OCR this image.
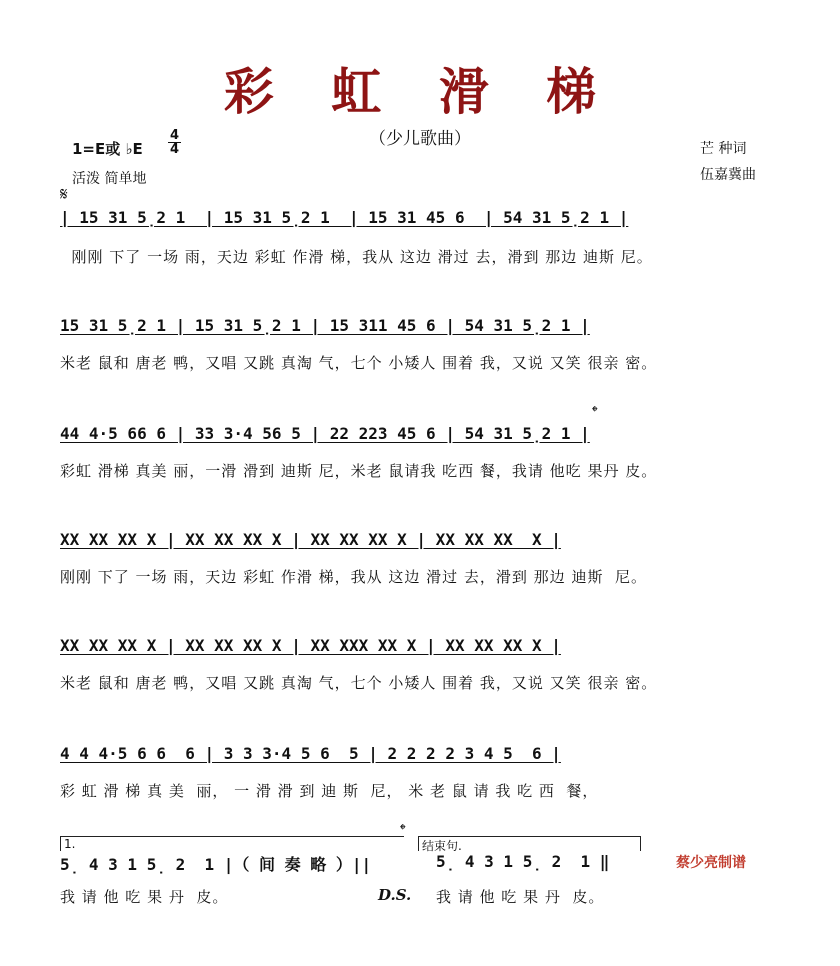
彩 虹 滑 梯
（少儿歌曲）
1=E或 ♭E $\frac{4}{4}$
活泼 简单地
芒 种词
伍嘉冀曲
𝄋
| 15 31 5̣2 1  | 15 31 5̣2 1  | 15 31 45 6  | 54 31 5̣2 1 |
刚刚 下了 一场 雨，天边 彩虹 作滑 梯，我从 这边 滑过 去，滑到 那边 迪斯 尼。
15 31 5̣2 1 | 15 31 5̣2 1 | 15 311 45 6 | 54 31 5̣2 1 |
米老 鼠和 唐老 鸭，又唱 又跳 真淘 气，七个 小矮人 围着 我，又说 又笑 很亲 密。
𝄌
44 4·5 66 6 | 33 3·4 56 5 | 22 223 45 6 | 54 31 5̣2 1 |
彩虹 滑梯 真美 丽，一滑 滑到 迪斯 尼，米老 鼠请我 吃西 餐，我请 他吃 果丹 皮。
XX XX XX X | XX XX XX X | XX XX XX X | XX XX XX  X |
刚刚 下了 一场 雨，天边 彩虹 作滑 梯，我从 这边 滑过 去，滑到 那边 迪斯  尼。
XX XX XX X | XX XX XX X | XX XXX XX X | XX XX XX X |
米老 鼠和 唐老 鸭，又唱 又跳 真淘 气，七个 小矮人 围着 我，又说 又笑 很亲 密。
4 4 4·5 6 6  6 | 3 3 3·4 5 6  5 | 2 2 2 2 3 4 5  6 |
彩 虹 滑 梯 真 美  丽， 一 滑 滑 到 迪 斯  尼， 米 老 鼠 请 我 吃 西  餐，
𝄌
1.	结束句.
5̣ 4 3 1 5̣ 2  1 |（ 间 奏 略 ）||
我 请 他 吃 果 丹  皮。	D.S.
5̣ 4 3 1 5̣ 2  1 ‖
我 请 他 吃 果 丹  皮。
蔡少亮制谱
